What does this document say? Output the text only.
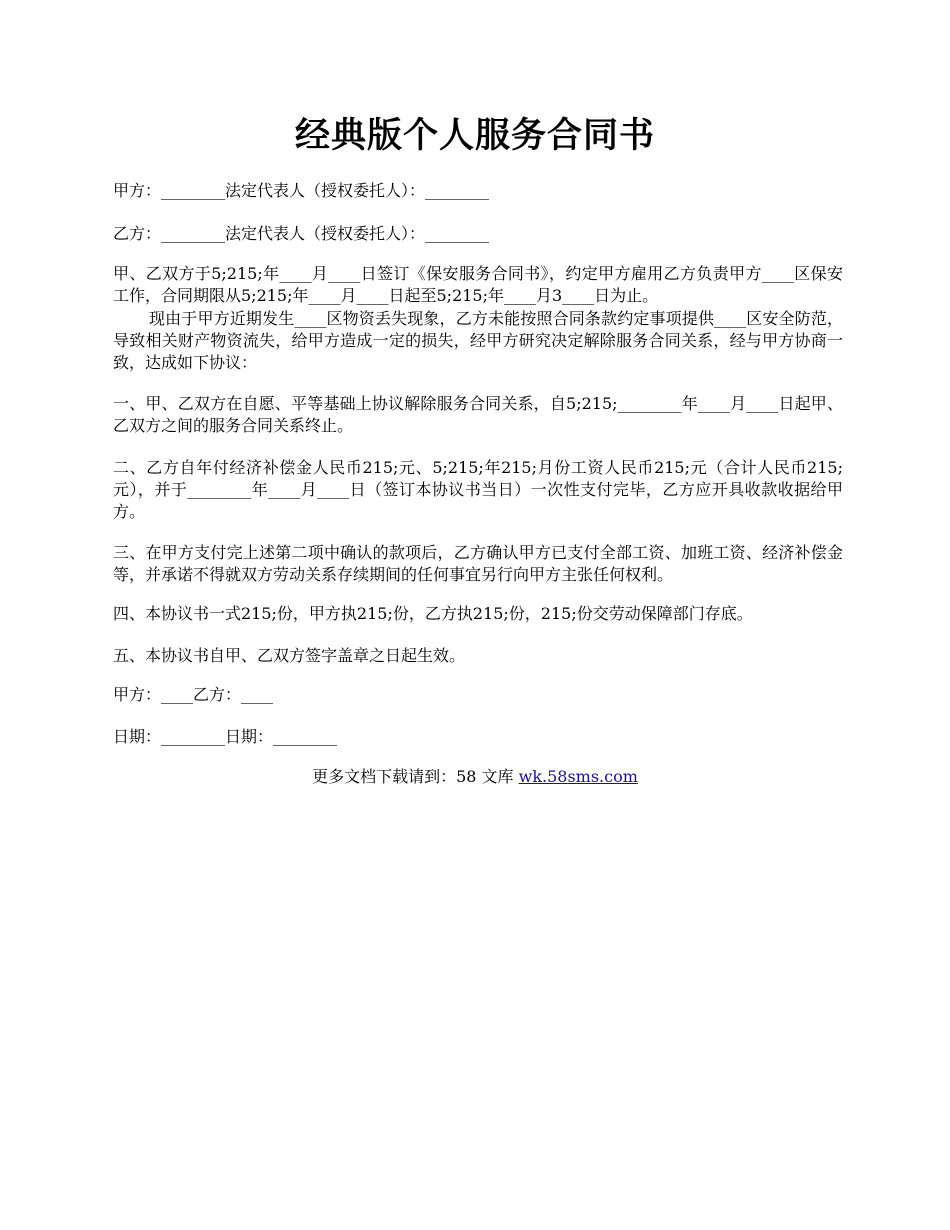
经典版个人服务合同书
甲方：________法定代表人（授权委托人）：________
乙方：________法定代表人（授权委托人）：________
甲、乙双方于5;215;年____月____日签订《保安服务合同书》，约定甲方雇用乙方负责甲方____区保安工作，合同期限从5;215;年____月____日起至5;215;年____月3____日为止。
现由于甲方近期发生____区物资丢失现象，乙方未能按照合同条款约定事项提供____区安全防范，导致相关财产物资流失，给甲方造成一定的损失，经甲方研究决定解除服务合同关系，经与甲方协商一致，达成如下协议：
一、甲、乙双方在自愿、平等基础上协议解除服务合同关系，自5;215;________年____月____日起甲、乙双方之间的服务合同关系终止。
二、乙方自年付经济补偿金人民币215;元、5;215;年215;月份工资人民币215;元（合计人民币215;元），并于________年____月____日（签订本协议书当日）一次性支付完毕，乙方应开具收款收据给甲方。
三、在甲方支付完上述第二项中确认的款项后，乙方确认甲方已支付全部工资、加班工资、经济补偿金等，并承诺不得就双方劳动关系存续期间的任何事宜另行向甲方主张任何权利。
四、本协议书一式215;份，甲方执215;份，乙方执215;份，215;份交劳动保障部门存底。
五、本协议书自甲、乙双方签字盖章之日起生效。
甲方：____乙方：____
日期：________日期：________
更多文档下载请到：58 文库 wk.58sms.com
